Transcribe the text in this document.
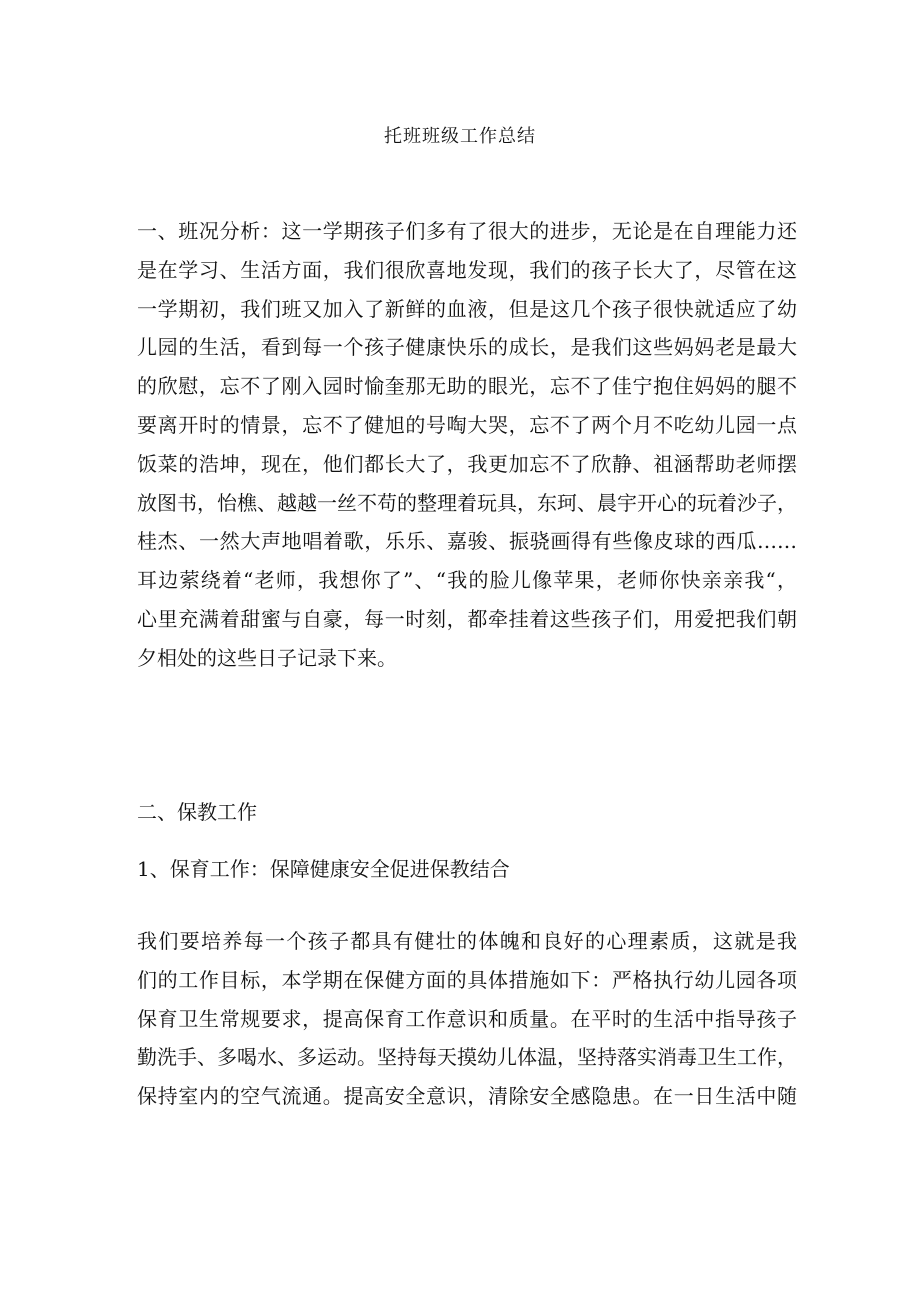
托班班级工作总结
一、班况分析：这一学期孩子们多有了很大的进步，无论是在自理能力还
是在学习、生活方面，我们很欣喜地发现，我们的孩子长大了，尽管在这
一学期初，我们班又加入了新鲜的血液，但是这几个孩子很快就适应了幼
儿园的生活，看到每一个孩子健康快乐的成长，是我们这些妈妈老是最大
的欣慰，忘不了刚入园时愉奎那无助的眼光，忘不了佳宁抱住妈妈的腿不
要离开时的情景，忘不了健旭的号啕大哭，忘不了两个月不吃幼儿园一点
饭菜的浩坤，现在，他们都长大了，我更加忘不了欣静、祖涵帮助老师摆
放图书，怡樵、越越一丝不苟的整理着玩具，东珂、晨宇开心的玩着沙子，
桂杰、一然大声地唱着歌，乐乐、嘉骏、振骁画得有些像皮球的西瓜……
耳边萦绕着“老师，我想你了”、“我的脸儿像苹果，老师你快亲亲我“，
心里充满着甜蜜与自豪，每一时刻，都牵挂着这些孩子们，用爱把我们朝
夕相处的这些日子记录下来。
二、保教工作
1、保育工作：保障健康安全促进保教结合
我们要培养每一个孩子都具有健壮的体魄和良好的心理素质，这就是我
们的工作目标，本学期在保健方面的具体措施如下：严格执行幼儿园各项
保育卫生常规要求，提高保育工作意识和质量。在平时的生活中指导孩子
勤洗手、多喝水、多运动。坚持每天摸幼儿体温，坚持落实消毒卫生工作，
保持室内的空气流通。提高安全意识，清除安全感隐患。在一日生活中随
